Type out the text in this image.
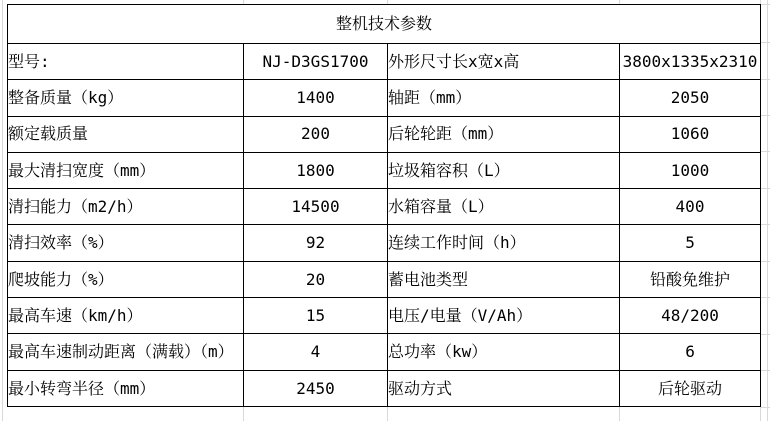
整机技术参数			
型号:	NJ-D3GS1700	外形尺寸长x宽x高	3800x1335x2310
整备质量（kg）	1400	轴距（mm）	2050
额定载质量	200	后轮轮距（mm）	1060
最大清扫宽度（mm）	1800	垃圾箱容积（L）	1000
清扫能力（m2/h）	14500	水箱容量（L）	400
清扫效率（%）	92	连续工作时间（h）	5
爬坡能力（%）	20	蓄电池类型	铅酸免维护
最高车速（km/h）	15	电压/电量（V/Ah）	48/200
最高车速制动距离（满载）（m）	4	总功率（kw）	6
最小转弯半径（mm）	2450	驱动方式	后轮驱动
